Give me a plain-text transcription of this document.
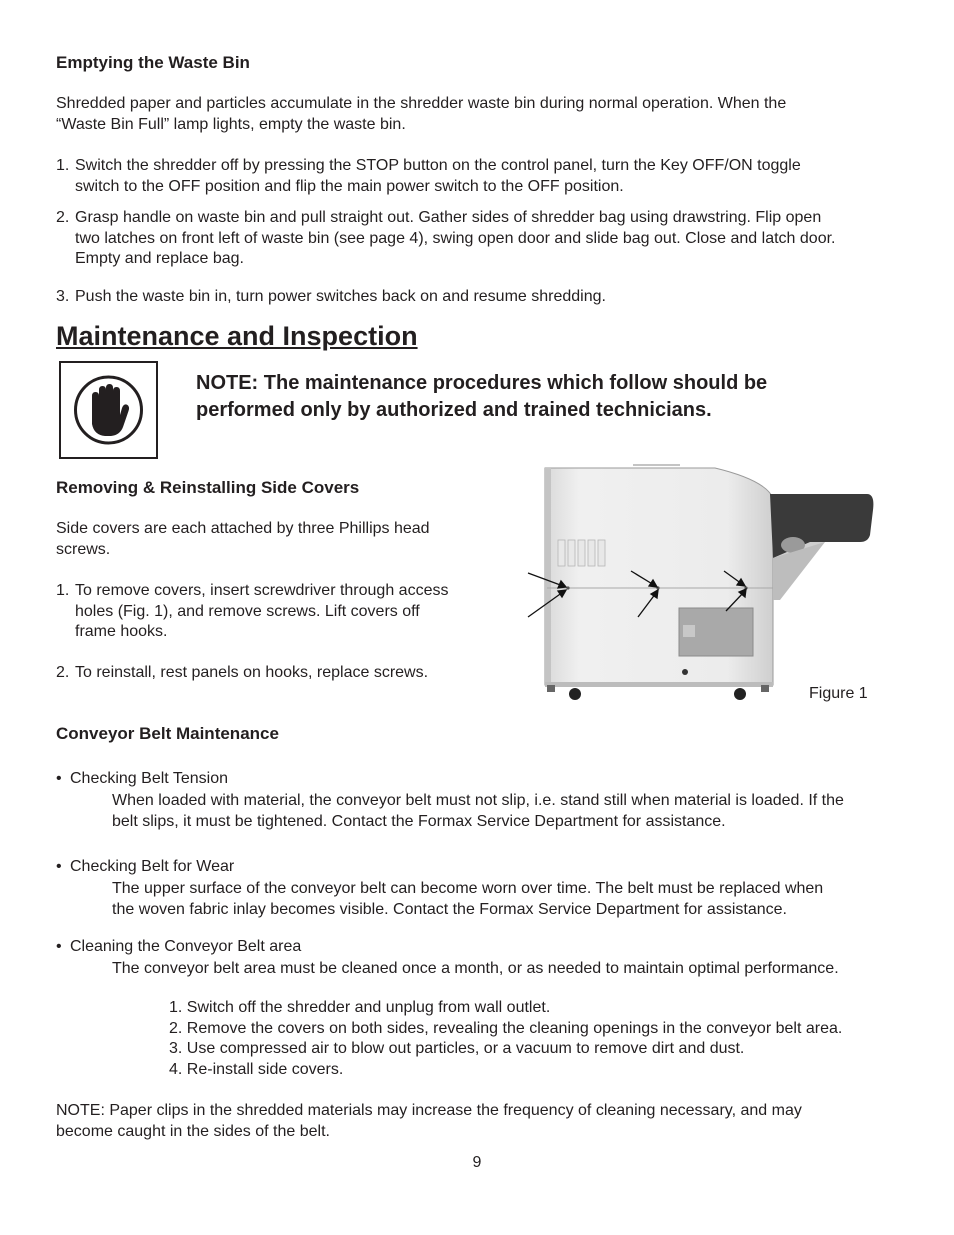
Emptying the Waste Bin
Shredded paper and particles accumulate in the shredder waste bin during normal operation. When the
“Waste Bin Full” lamp lights, empty the waste bin.
1. Switch the shredder off by pressing the STOP button on the control panel, turn the Key OFF/ON toggle
switch to the OFF position and flip the main power switch to the OFF position.
2. Grasp handle on waste bin and pull straight out. Gather sides of shredder bag using drawstring. Flip open
two latches on front left of waste bin (see page 4), swing open door and slide bag out. Close and latch door.
Empty and replace bag.
3. Push the waste bin in, turn power switches back on and resume shredding.
Maintenance and Inspection
NOTE: The maintenance procedures which follow should be
performed only by authorized and trained technicians.
Removing & Reinstalling Side Covers
Side covers are each attached by three Phillips head
screws.
1. To remove covers, insert screwdriver through access
holes (Fig. 1), and remove screws. Lift covers off
frame hooks.
2. To reinstall, rest panels on hooks, replace screws.
Figure 1
Conveyor Belt Maintenance
• Checking Belt Tension
When loaded with material, the conveyor belt must not slip, i.e. stand still when material is loaded. If the
belt slips, it must be tightened. Contact the Formax Service Department for assistance.
• Checking Belt for Wear
The upper surface of the conveyor belt can become worn over time. The belt must be replaced when
the woven fabric inlay becomes visible. Contact the Formax Service Department for assistance.
• Cleaning the Conveyor Belt area
The conveyor belt area must be cleaned once a month, or as needed to maintain optimal performance.
1. Switch off the shredder and unplug from wall outlet.
2. Remove the covers on both sides, revealing the cleaning openings in the conveyor belt area.
3. Use compressed air to blow out particles, or a vacuum to remove dirt and dust.
4. Re-install side covers.
NOTE: Paper clips in the shredded materials may increase the frequency of cleaning necessary, and may
become caught in the sides of the belt.
9
